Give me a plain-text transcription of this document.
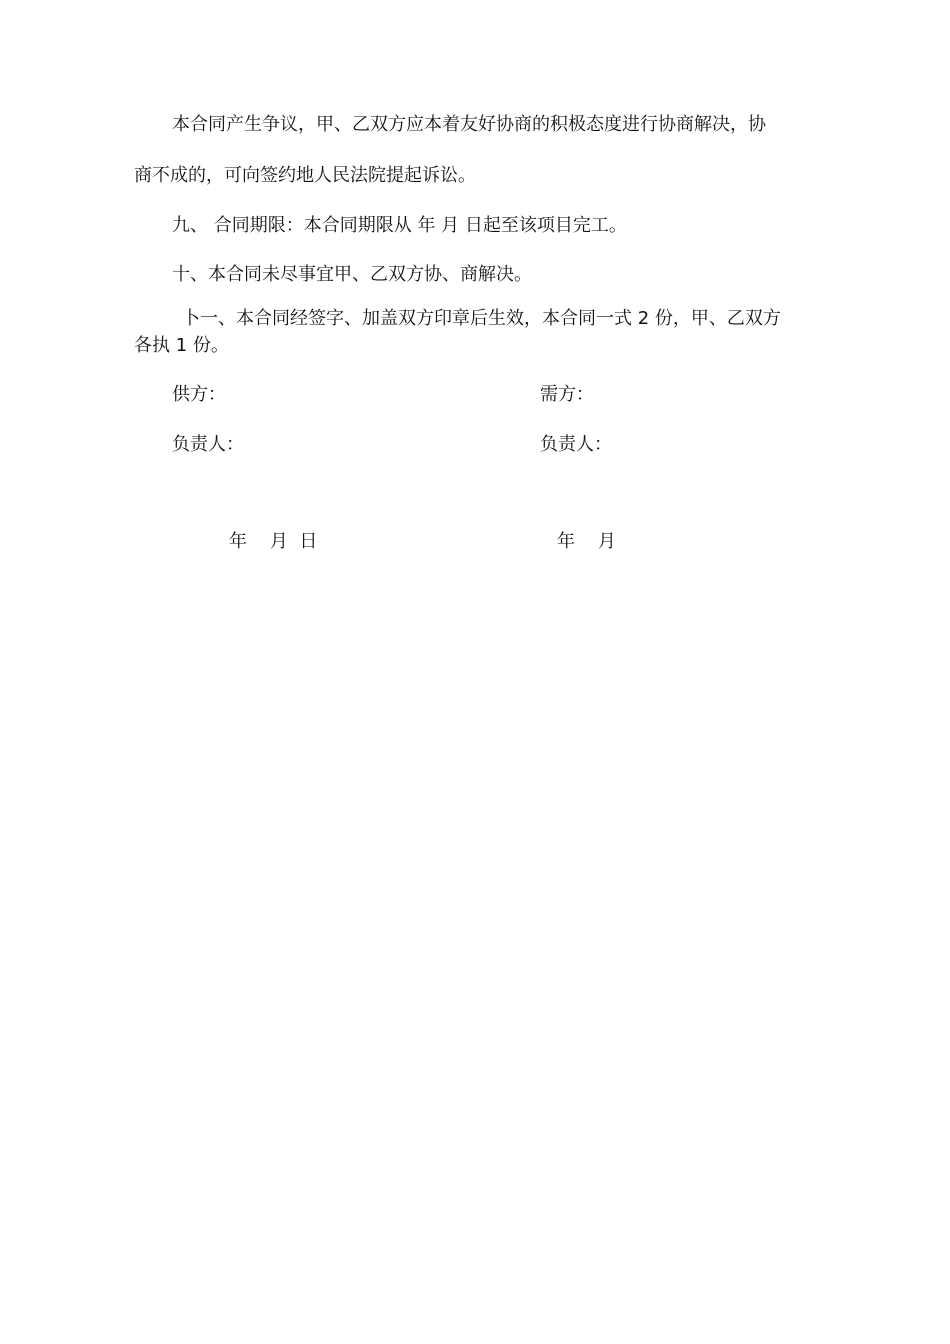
本合同产生争议，甲、乙双方应本着友好协商的积极态度进行协商解决，协
商不成的，可向签约地人民法院提起诉讼。
九、 合同期限：本合同期限从 年 月 日起至该项目完工。
十、本合同未尽事宜甲、乙双方协、商解决。
卜一、本合同经签字、加盖双方印章后生效，本合同一式 2 份，甲、乙双方
各执 1 份。
供方：	需方：
负责人：	负责人：
年    月  日	年    月
